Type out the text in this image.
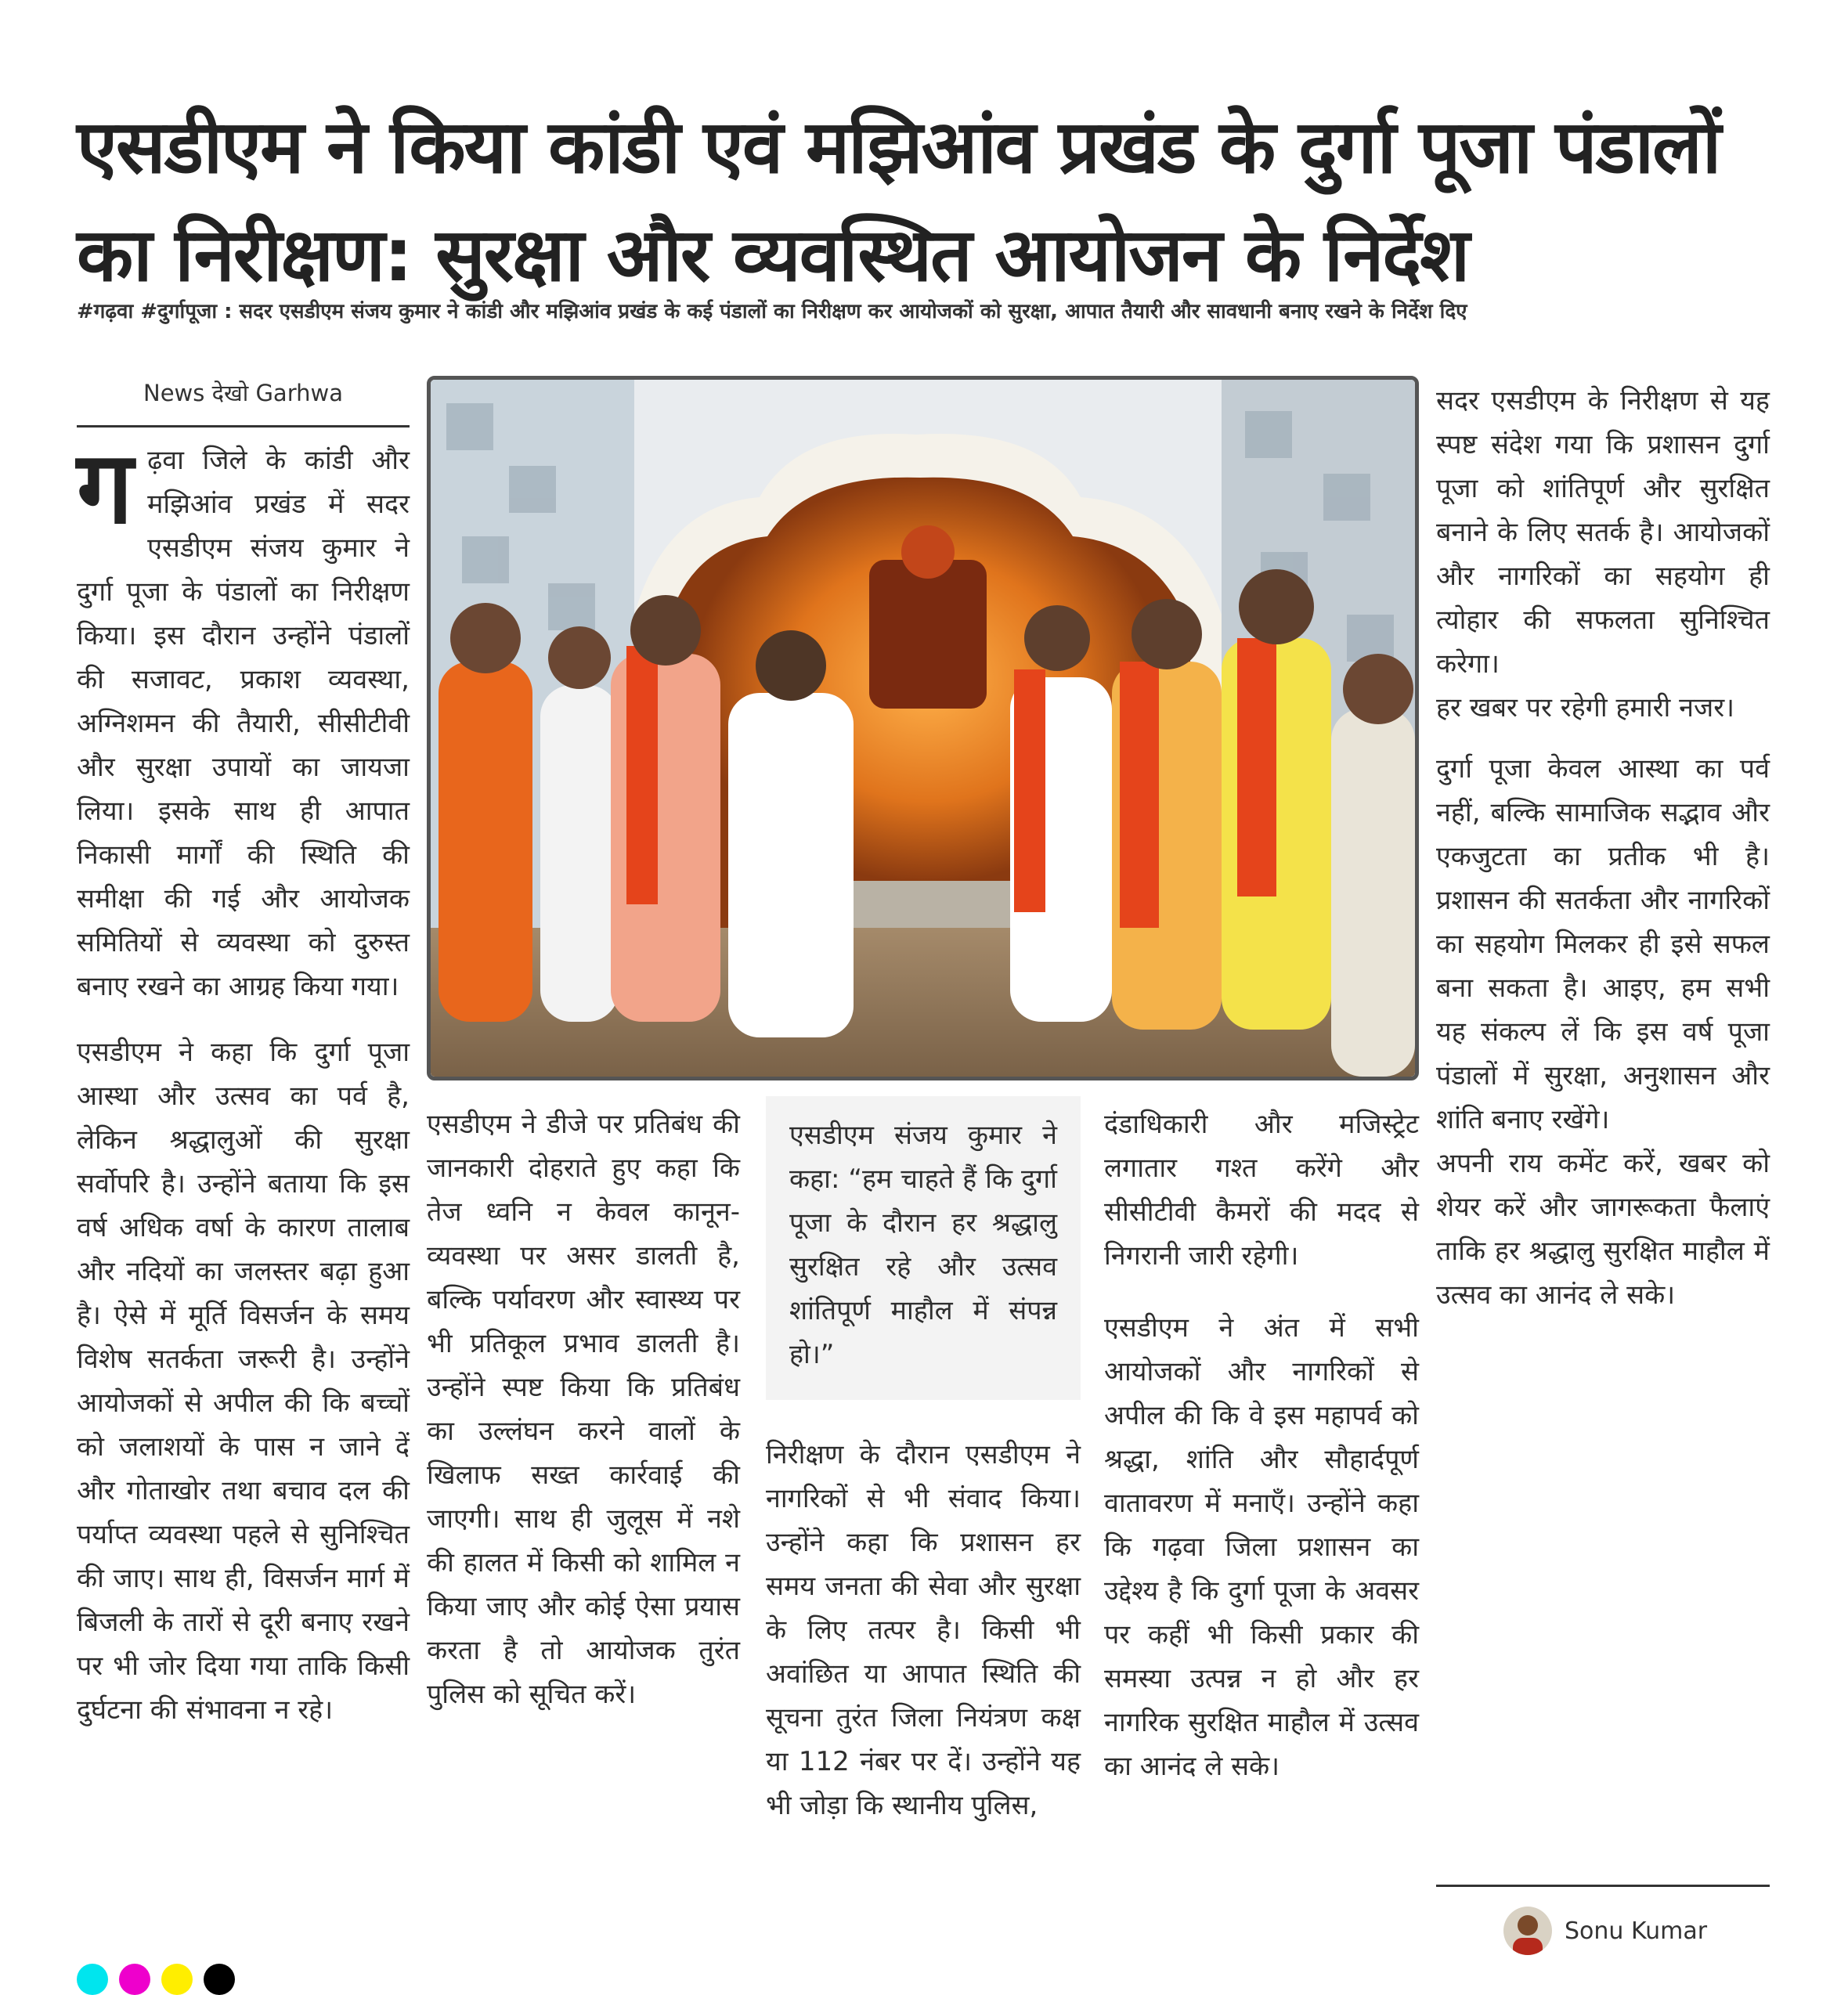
एसडीएम ने किया कांडी एवं मझिआंव प्रखंड के दुर्गा पूजा पंडालों का निरीक्षण: सुरक्षा और व्यवस्थित आयोजन के निर्देश
#गढ़वा #दुर्गापूजा : सदर एसडीएम संजय कुमार ने कांडी और मझिआंव प्रखंड के कई पंडालों का निरीक्षण कर आयोजकों को सुरक्षा, आपात तैयारी और सावधानी बनाए रखने के निर्देश दिए
News देखो Garhwa

गढ़वा जिले के कांडी और मझिआंव प्रखंड में सदर एसडीएम संजय कुमार ने दुर्गा पूजा के पंडालों का निरीक्षण किया। इस दौरान उन्होंने पंडालों की सजावट, प्रकाश व्यवस्था, अग्निशमन की तैयारी, सीसीटीवी और सुरक्षा उपायों का जायजा लिया। इसके साथ ही आपात निकासी मार्गों की स्थिति की समीक्षा की गई और आयोजक समितियों से व्यवस्था को दुरुस्त बनाए रखने का आग्रह किया गया।

एसडीएम ने कहा कि दुर्गा पूजा आस्था और उत्सव का पर्व है, लेकिन श्रद्धालुओं की सुरक्षा सर्वोपरि है। उन्होंने बताया कि इस वर्ष अधिक वर्षा के कारण तालाब और नदियों का जलस्तर बढ़ा हुआ है। ऐसे में मूर्ति विसर्जन के समय विशेष सतर्कता जरूरी है। उन्होंने आयोजकों से अपील की कि बच्चों को जलाशयों के पास न जाने दें और गोताखोर तथा बचाव दल की पर्याप्त व्यवस्था पहले से सुनिश्चित की जाए। साथ ही, विसर्जन मार्ग में बिजली के तारों से दूरी बनाए रखने पर भी जोर दिया गया ताकि किसी दुर्घटना की संभावना न रहे।

एसडीएम ने डीजे पर प्रतिबंध की जानकारी दोहराते हुए कहा कि तेज ध्वनि न केवल कानून-व्यवस्था पर असर डालती है, बल्कि पर्यावरण और स्वास्थ्य पर भी प्रतिकूल प्रभाव डालती है। उन्होंने स्पष्ट किया कि प्रतिबंध का उल्लंघन करने वालों के खिलाफ सख्त कार्रवाई की जाएगी। साथ ही जुलूस में नशे की हालत में किसी को शामिल न किया जाए और कोई ऐसा प्रयास करता है तो आयोजक तुरंत पुलिस को सूचित करें।

एसडीएम संजय कुमार ने कहा: “हम चाहते हैं कि दुर्गा पूजा के दौरान हर श्रद्धालु सुरक्षित रहे और उत्सव शांतिपूर्ण माहौल में संपन्न हो।”

निरीक्षण के दौरान एसडीएम ने नागरिकों से भी संवाद किया। उन्होंने कहा कि प्रशासन हर समय जनता की सेवा और सुरक्षा के लिए तत्पर है। किसी भी अवांछित या आपात स्थिति की सूचना तुरंत जिला नियंत्रण कक्ष या 112 नंबर पर दें। उन्होंने यह भी जोड़ा कि स्थानीय पुलिस,

दंडाधिकारी और मजिस्ट्रेट लगातार गश्त करेंगे और सीसीटीवी कैमरों की मदद से निगरानी जारी रहेगी।

एसडीएम ने अंत में सभी आयोजकों और नागरिकों से अपील की कि वे इस महापर्व को श्रद्धा, शांति और सौहार्दपूर्ण वातावरण में मनाएँ। उन्होंने कहा कि गढ़वा जिला प्रशासन का उद्देश्य है कि दुर्गा पूजा के अवसर पर कहीं भी किसी प्रकार की समस्या उत्पन्न न हो और हर नागरिक सुरक्षित माहौल में उत्सव का आनंद ले सके।

सदर एसडीएम के निरीक्षण से यह स्पष्ट संदेश गया कि प्रशासन दुर्गा पूजा को शांतिपूर्ण और सुरक्षित बनाने के लिए सतर्क है। आयोजकों और नागरिकों का सहयोग ही त्योहार की सफलता सुनिश्चित करेगा।

हर खबर पर रहेगी हमारी नजर।

दुर्गा पूजा केवल आस्था का पर्व नहीं, बल्कि सामाजिक सद्भाव और एकजुटता का प्रतीक भी है। प्रशासन की सतर्कता और नागरिकों का सहयोग मिलकर ही इसे सफल बना सकता है। आइए, हम सभी यह संकल्प लें कि इस वर्ष पूजा पंडालों में सुरक्षा, अनुशासन और शांति बनाए रखेंगे।

अपनी राय कमेंट करें, खबर को शेयर करें और जागरूकता फैलाएं ताकि हर श्रद्धालु सुरक्षित माहौल में उत्सव का आनंद ले सके।

Sonu Kumar
